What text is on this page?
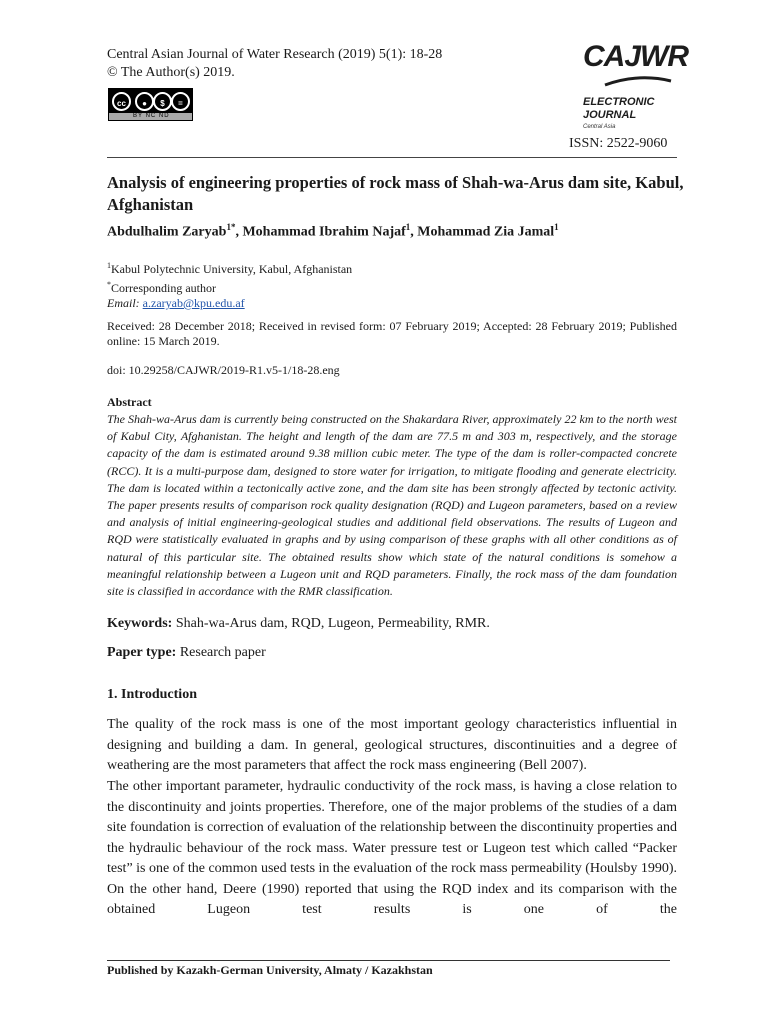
Central Asian Journal of Water Research (2019) 5(1): 18-28
© The Author(s) 2019.
cc	●	$	=
BY NC ND
CAJWR
ELECTRONIC
JOURNAL
Central Asia
ISSN: 2522-9060
Analysis of engineering properties of rock mass of Shah-wa-Arus dam site, Kabul, Afghanistan
Abdulhalim Zaryab$^{1*}$, Mohammad Ibrahim Najaf$^1$, Mohammad Zia Jamal$^1$
$^1$Kabul Polytechnic University, Kabul, Afghanistan
*Corresponding author
Email: a.zaryab@kpu.edu.af
Received: 28 December 2018; Received in revised form: 07 February 2019; Accepted: 28 February 2019; Published online: 15 March 2019.
doi: 10.29258/CAJWR/2019-R1.v5-1/18-28.eng
Abstract
The Shah-wa-Arus dam is currently being constructed on the Shakardara River, approximately 22 km to the north west of Kabul City, Afghanistan. The height and length of the dam are 77.5 m and 303 m, respectively, and the storage capacity of the dam is estimated around 9.38 million cubic meter. The type of the dam is roller-compacted concrete (RCC). It is a multi-purpose dam, designed to store water for irrigation, to mitigate flooding and generate electricity. The dam is located within a tectonically active zone, and the dam site has been strongly affected by tectonic activity. The paper presents results of comparison rock quality designation (RQD) and Lugeon parameters, based on a review and analysis of initial engineering-geological studies and additional field observations. The results of Lugeon and RQD were statistically evaluated in graphs and by using comparison of these graphs with all other conditions as of natural of this particular site. The obtained results show which state of the natural conditions is somehow a meaningful relationship between a Lugeon unit and RQD parameters. Finally, the rock mass of the dam foundation site is classified in accordance with the RMR classification.
Keywords: Shah-wa-Arus dam, RQD, Lugeon, Permeability, RMR.
Paper type: Research paper
1. Introduction
The quality of the rock mass is one of the most important geology characteristics influential in designing and building a dam. In general, geological structures, discontinuities and a degree of weathering are the most parameters that affect the rock mass engineering (Bell 2007).
The other important parameter, hydraulic conductivity of the rock mass, is having a close relation to the discontinuity and joints properties. Therefore, one of the major problems of the studies of a dam site foundation is correction of evaluation of the relationship between the discontinuity properties and the hydraulic behaviour of the rock mass. Water pressure test or Lugeon test which called “Packer test” is one of the common used tests in the evaluation of the rock mass permeability (Houlsby 1990). On the other hand, Deere (1990) reported that using the RQD index and its comparison with the obtained Lugeon test results is one of the
Published by Kazakh-German University, Almaty / Kazakhstan
